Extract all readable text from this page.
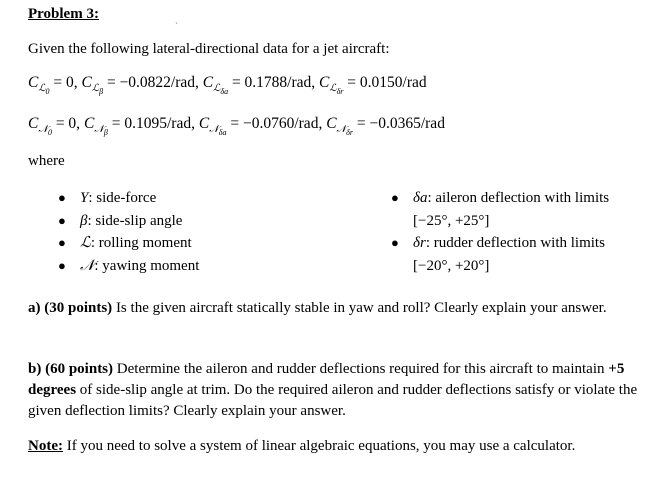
Problem 3:	ˏ
Given the following lateral-directional data for a jet aircraft:
$C_{ℒ_0} = 0$, $C_{ℒ_\beta} = -0.0822/rad$, $C_{ℒ_{\delta a}} = 0.1788/rad$, $C_{ℒ_{\delta r}} = 0.0150/rad$
$C_{𝒩_0} = 0$, $C_{𝒩_\beta} = 0.1095/rad$, $C_{𝒩_{\delta a}} = -0.0760/rad$, $C_{𝒩_{\delta r}} = -0.0365/rad$
where
● Y: side-force
● β: side-slip angle
● ℒ: rolling moment
● 𝒩: yawing moment
● δa: aileron deflection with limits
[−25°, +25°]
● δr: rudder deflection with limits
[−20°, +20°]
a) (30 points) Is the given aircraft statically stable in yaw and roll? Clearly explain your answer.
b) (60 points) Determine the aileron and rudder deflections required for this aircraft to maintain +5 degrees of side-slip angle at trim. Do the required aileron and rudder deflections satisfy or violate the given deflection limits? Clearly explain your answer.
Note: If you need to solve a system of linear algebraic equations, you may use a calculator.
